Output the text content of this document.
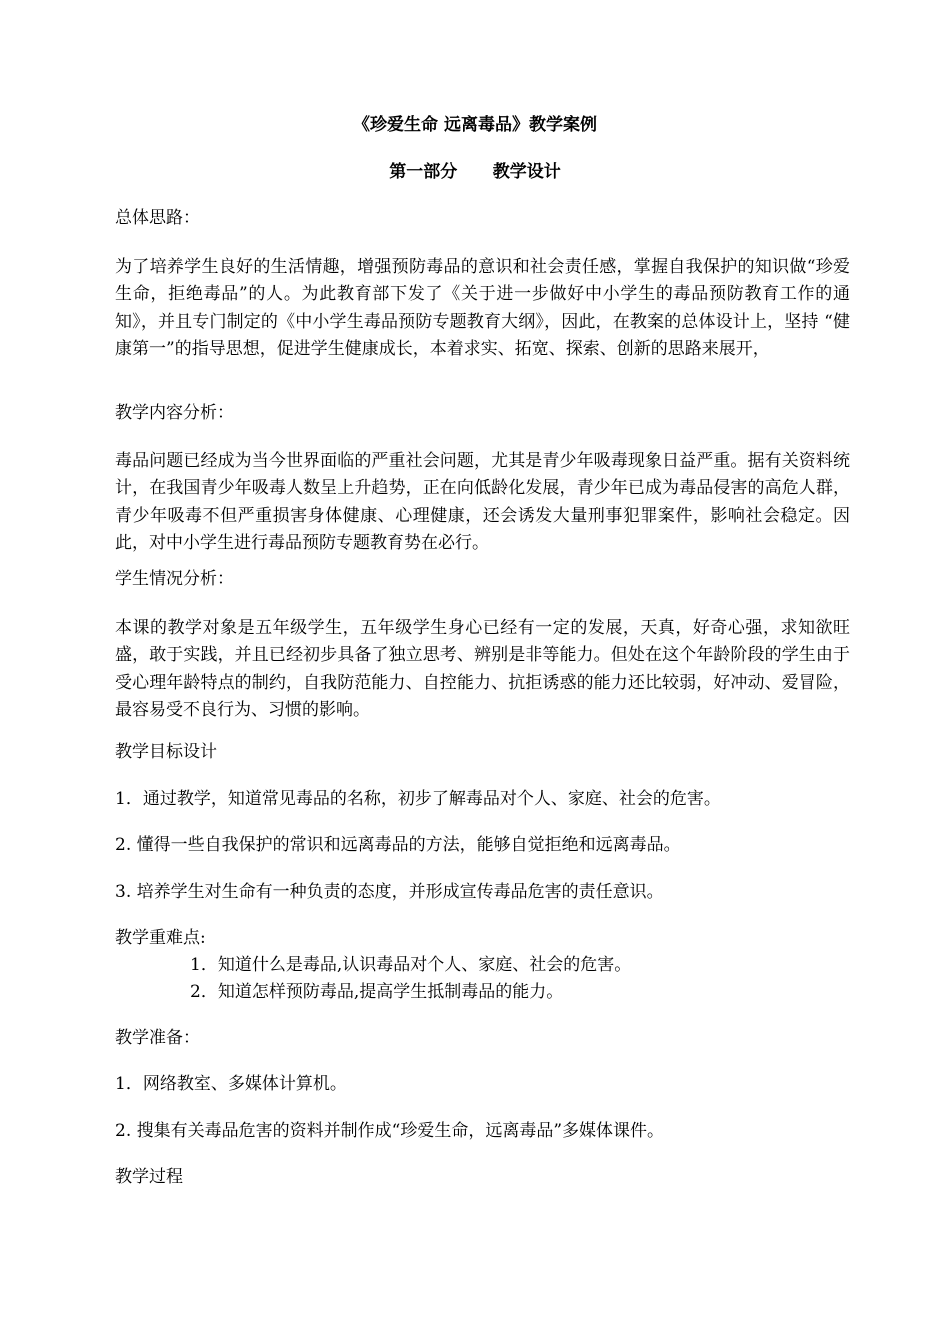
《珍爱生命 远离毒品》教学案例
第一部分      教学设计
总体思路：
为了培养学生良好的生活情趣，增强预防毒品的意识和社会责任感，掌握自我保护的知识做“珍爱生命，拒绝毒品”的人。为此教育部下发了《关于进一步做好中小学生的毒品预防教育工作的通知》，并且专门制定的《中小学生毒品预防专题教育大纲》，因此，在教案的总体设计上，坚持 “健康第一”的指导思想，促进学生健康成长，本着求实、拓宽、探索、创新的思路来展开，
教学内容分析：
毒品问题已经成为当今世界面临的严重社会问题，尤其是青少年吸毒现象日益严重。据有关资料统计，在我国青少年吸毒人数呈上升趋势，正在向低龄化发展，青少年已成为毒品侵害的高危人群，青少年吸毒不但严重损害身体健康、心理健康，还会诱发大量刑事犯罪案件，影响社会稳定。因此，对中小学生进行毒品预防专题教育势在必行。
学生情况分析：
本课的教学对象是五年级学生，五年级学生身心已经有一定的发展，天真，好奇心强，求知欲旺盛，敢于实践，并且已经初步具备了独立思考、辨别是非等能力。但处在这个年龄阶段的学生由于受心理年龄特点的制约，自我防范能力、自控能力、抗拒诱惑的能力还比较弱，好冲动、爱冒险，最容易受不良行为、习惯的影响。
教学目标设计
1．通过教学，知道常见毒品的名称，初步了解毒品对个人、家庭、社会的危害。
2. 懂得一些自我保护的常识和远离毒品的方法，能够自觉拒绝和远离毒品。
3. 培养学生对生命有一种负责的态度，并形成宣传毒品危害的责任意识。
教学重难点:
1．知道什么是毒品,认识毒品对个人、家庭、社会的危害。
2．知道怎样预防毒品,提高学生抵制毒品的能力。
教学准备：
1．网络教室、多媒体计算机。
2. 搜集有关毒品危害的资料并制作成“珍爱生命，远离毒品”多媒体课件。
教学过程
